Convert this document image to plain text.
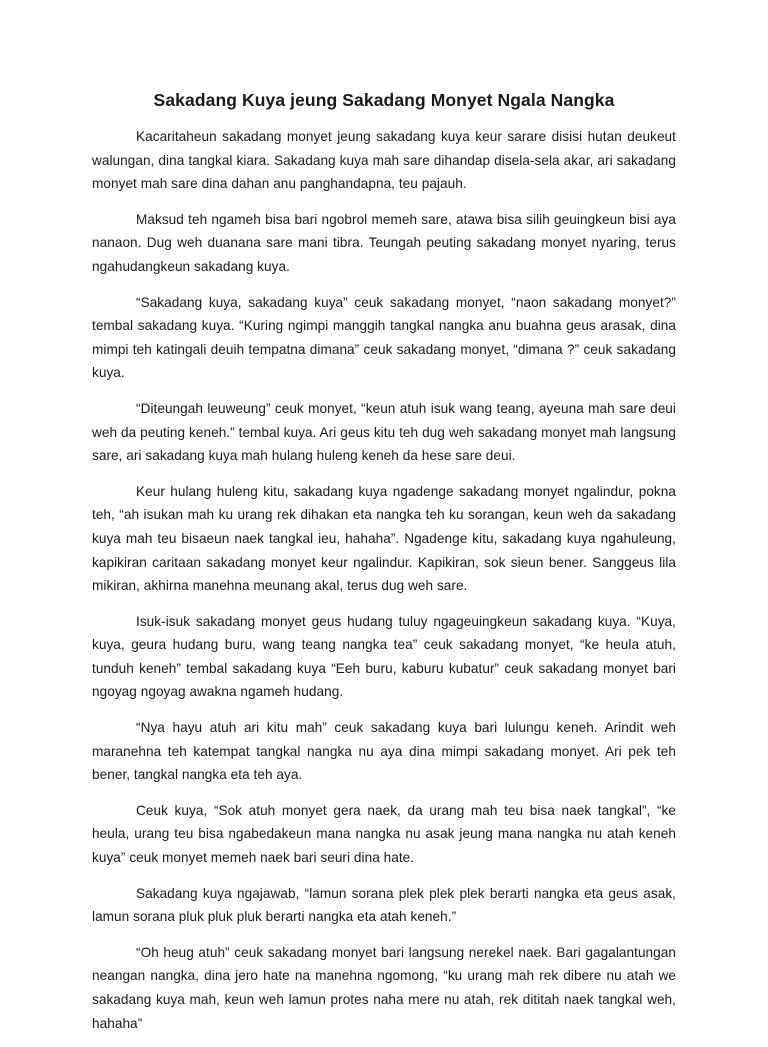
Sakadang Kuya jeung Sakadang Monyet Ngala Nangka

Kacaritaheun sakadang monyet jeung sakadang kuya keur sarare disisi hutan deukeut walungan, dina tangkal kiara. Sakadang kuya mah sare dihandap disela-sela akar, ari sakadang monyet mah sare dina dahan anu panghandapna, teu pajauh.

Maksud teh ngameh bisa bari ngobrol memeh sare, atawa bisa silih geuingkeun bisi aya nanaon. Dug weh duanana sare mani tibra. Teungah peuting sakadang monyet nyaring, terus ngahudangkeun sakadang kuya.

“Sakadang kuya, sakadang kuya” ceuk sakadang monyet, “naon sakadang monyet?” tembal sakadang kuya. “Kuring ngimpi manggih tangkal nangka anu buahna geus arasak, dina mimpi teh katingali deuih tempatna dimana” ceuk sakadang monyet, “dimana ?” ceuk sakadang kuya.

“Diteungah leuweung” ceuk monyet, “keun atuh isuk wang teang, ayeuna mah sare deui weh da peuting keneh.” tembal kuya. Ari geus kitu teh dug weh sakadang monyet mah langsung sare, ari sakadang kuya mah hulang huleng keneh da hese sare deui.

Keur hulang huleng kitu, sakadang kuya ngadenge sakadang monyet ngalindur, pokna teh, “ah isukan mah ku urang rek dihakan eta nangka teh ku sorangan, keun weh da sakadang kuya mah teu bisaeun naek tangkal ieu, hahaha”. Ngadenge kitu, sakadang kuya ngahuleung, kapikiran caritaan sakadang monyet keur ngalindur. Kapikiran, sok sieun bener. Sanggeus lila mikiran, akhirna manehna meunang akal, terus dug weh sare.

Isuk-isuk sakadang monyet geus hudang tuluy ngageuingkeun sakadang kuya. “Kuya, kuya, geura hudang buru, wang teang nangka tea” ceuk sakadang monyet, “ke heula atuh, tunduh keneh” tembal sakadang kuya “Eeh buru, kaburu kubatur” ceuk sakadang monyet bari ngoyag ngoyag awakna ngameh hudang.

“Nya hayu atuh ari kitu mah” ceuk sakadang kuya bari lulungu keneh. Arindit weh maranehna teh katempat tangkal nangka nu aya dina mimpi sakadang monyet. Ari pek teh bener, tangkal nangka eta teh aya.

Ceuk kuya, “Sok atuh monyet gera naek, da urang mah teu bisa naek tangkal”, “ke heula, urang teu bisa ngabedakeun mana nangka nu asak jeung mana nangka nu atah keneh kuya” ceuk monyet memeh naek bari seuri dina hate.

Sakadang kuya ngajawab, “lamun sorana plek plek plek berarti nangka eta geus asak, lamun sorana pluk pluk pluk berarti nangka eta atah keneh.”

“Oh heug atuh” ceuk sakadang monyet bari langsung nerekel naek. Bari gagalantungan neangan nangka, dina jero hate na manehna ngomong, “ku urang mah rek dibere nu atah we sakadang kuya mah, keun weh lamun protes naha mere nu atah, rek dititah naek tangkal weh, hahaha”
